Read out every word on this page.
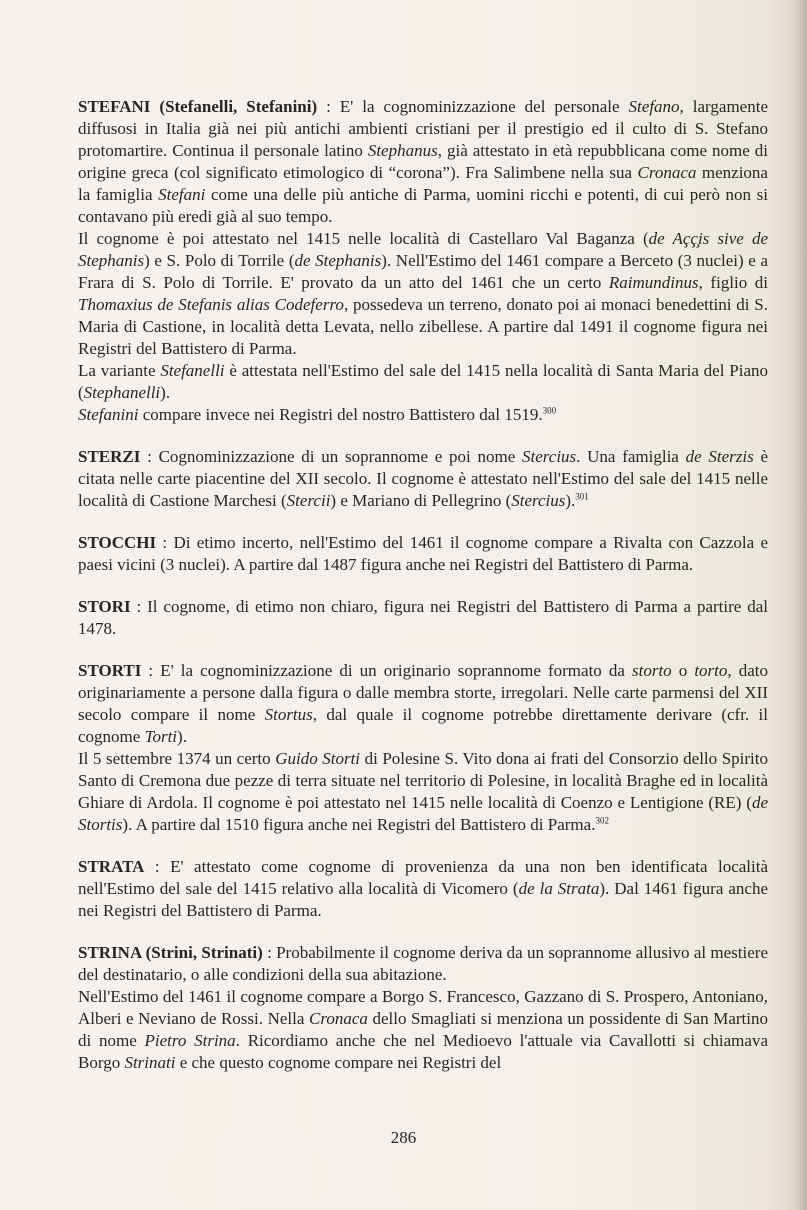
STEFANI (Stefanelli, Stefanini) : E' la cognominizzazione del personale Stefano, largamente diffusosi in Italia già nei più antichi ambienti cristiani per il prestigio ed il culto di S. Stefano protomartire. Continua il personale latino Stephanus, già attestato in età repubblicana come nome di origine greca (col significato etimologico di “corona”). Fra Salimbene nella sua Cronaca menziona la famiglia Stefani come una delle più antiche di Parma, uomini ricchi e potenti, di cui però non si contavano più eredi già al suo tempo.

Il cognome è poi attestato nel 1415 nelle località di Castellaro Val Baganza (de Açç̧is sive de Stephanis) e S. Polo di Torrile (de Stephanis). Nell'Estimo del 1461 compare a Berceto (3 nuclei) e a Frara di S. Polo di Torrile. E' provato da un atto del 1461 che un certo Raimundinus, figlio di Thomaxius de Stefanis alias Codeferro, possedeva un terreno, donato poi ai monaci benedettini di S. Maria di Castione, in località detta Levata, nello zibellese. A partire dal 1491 il cognome figura nei Registri del Battistero di Parma.

La variante Stefanelli è attestata nell'Estimo del sale del 1415 nella località di Santa Maria del Piano (Stephanelli).

Stefanini compare invece nei Registri del nostro Battistero dal 1519.$^{300}$

STERZI : Cognominizzazione di un soprannome e poi nome Stercius. Una famiglia de Sterzis è citata nelle carte piacentine del XII secolo. Il cognome è attestato nell'Estimo del sale del 1415 nelle località di Castione Marchesi (Stercii) e Mariano di Pellegrino (Stercius).$^{301}$

STOCCHI : Di etimo incerto, nell'Estimo del 1461 il cognome compare a Rivalta con Cazzola e paesi vicini (3 nuclei). A partire dal 1487 figura anche nei Registri del Battistero di Parma.

STORI : Il cognome, di etimo non chiaro, figura nei Registri del Battistero di Parma a partire dal 1478.

STORTI : E' la cognominizzazione di un originario soprannome formato da storto o torto, dato originariamente a persone dalla figura o dalle membra storte, irregolari. Nelle carte parmensi del XII secolo compare il nome Stortus, dal quale il cognome potrebbe direttamente derivare (cfr. il cognome Torti).

Il 5 settembre 1374 un certo Guido Storti di Polesine S. Vito dona ai frati del Consorzio dello Spirito Santo di Cremona due pezze di terra situate nel territorio di Polesine, in località Braghe ed in località Ghiare di Ardola. Il cognome è poi attestato nel 1415 nelle località di Coenzo e Lentigione (RE) (de Stortis). A partire dal 1510 figura anche nei Registri del Battistero di Parma.$^{302}$

STRATA : E' attestato come cognome di provenienza da una non ben identificata località nell'Estimo del sale del 1415 relativo alla località di Vicomero (de la Strata). Dal 1461 figura anche nei Registri del Battistero di Parma.

STRINA (Strini, Strinati) : Probabilmente il cognome deriva da un soprannome allusivo al mestiere del destinatario, o alle condizioni della sua abitazione.

Nell'Estimo del 1461 il cognome compare a Borgo S. Francesco, Gazzano di S. Prospero, Antoniano, Alberi e Neviano de Rossi. Nella Cronaca dello Smagliati si menziona un possidente di San Martino di nome Pietro Strina. Ricordiamo anche che nel Medioevo l'attuale via Cavallotti si chiamava Borgo Strinati e che questo cognome compare nei Registri del

286
